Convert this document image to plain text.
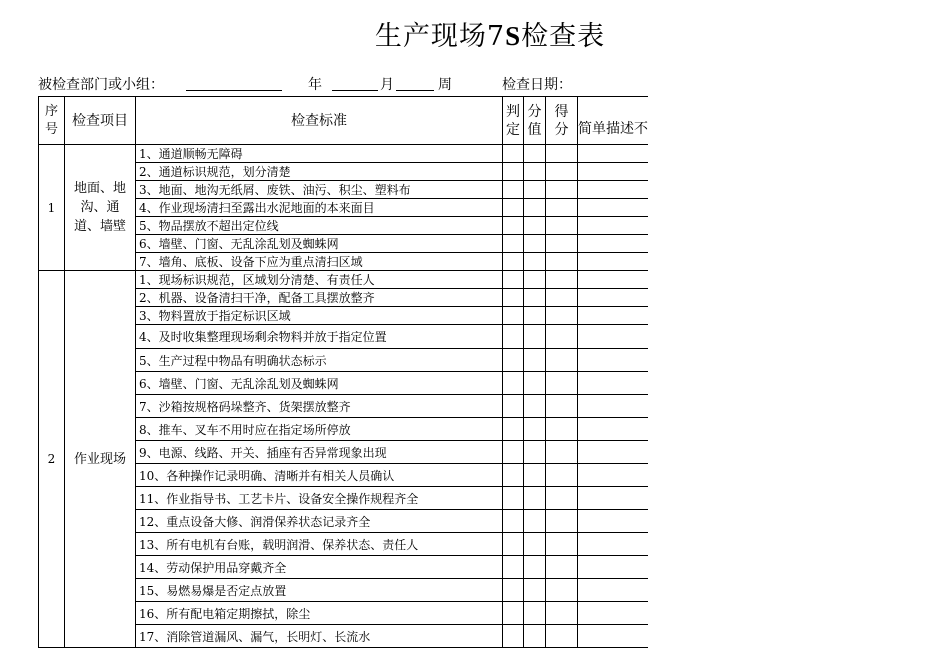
生产现场7S检查表
被检查部门或小组：	年	月	周	检查日期：
序号	检查项目	检查标准	判定	分值	得分	简单描述不
1	地面、地沟、通道、墙壁	1、通道顺畅无障碍				
		2、通道标识规范，划分清楚				
		3、地面、地沟无纸屑、废铁、油污、积尘、塑料布				
		4、作业现场清扫至露出水泥地面的本来面目				
		5、物品摆放不超出定位线				
		6、墙壁、门窗、无乱涂乱划及蜘蛛网				
		7、墙角、底板、设备下应为重点清扫区域				
2	作业现场	1、现场标识规范，区域划分清楚、有责任人				
		2、机器、设备清扫干净，配备工具摆放整齐				
		3、物料置放于指定标识区域				
		4、及时收集整理现场剩余物料并放于指定位置				
		5、生产过程中物品有明确状态标示				
		6、墙壁、门窗、无乱涂乱划及蜘蛛网				
		7、沙箱按规格码垛整齐、货架摆放整齐				
		8、推车、叉车不用时应在指定场所停放				
		9、电源、线路、开关、插座有否异常现象出现				
		10、各种操作记录明确、清晰并有相关人员确认				
		11、作业指导书、工艺卡片、设备安全操作规程齐全				
		12、重点设备大修、润滑保养状态记录齐全				
		13、所有电机有台账，载明润滑、保养状态、责任人				
		14、劳动保护用品穿戴齐全				
		15、易燃易爆是否定点放置				
		16、所有配电箱定期擦拭，除尘				
		17、消除管道漏风、漏气，长明灯、长流水				
